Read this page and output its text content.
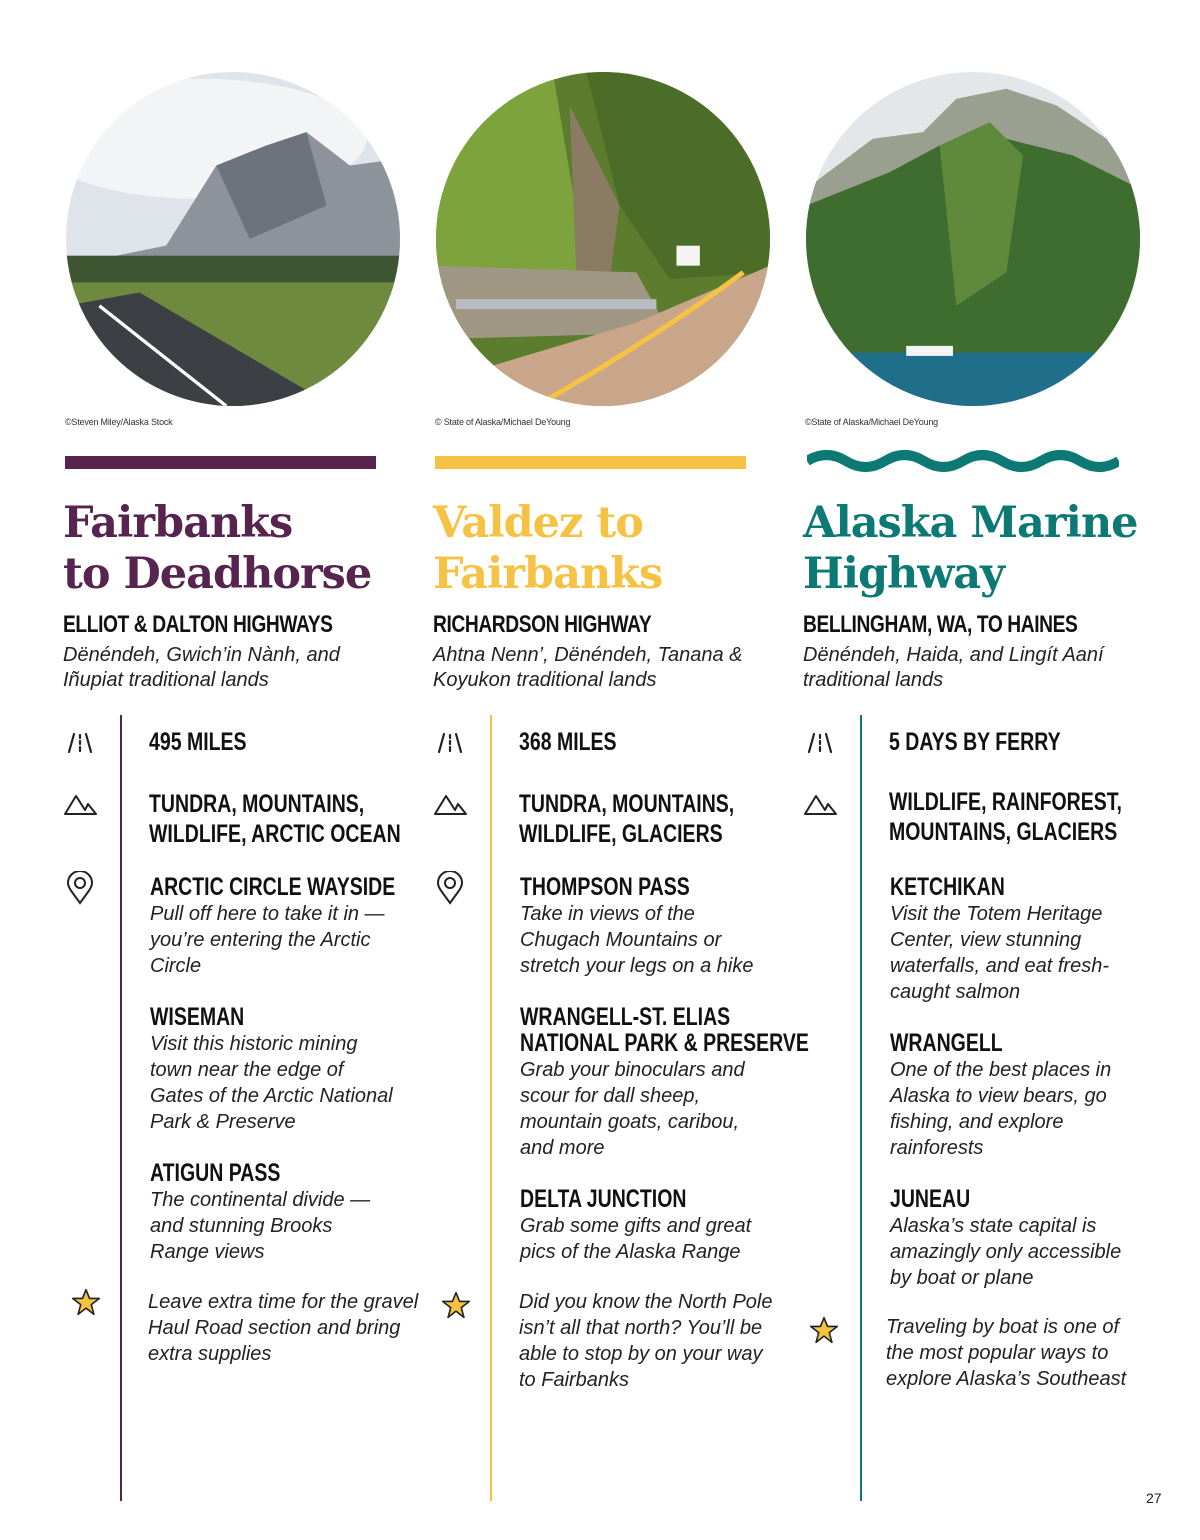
©Steven Miley/Alaska Stock
Fairbanks
to Deadhorse
ELLIOT & DALTON HIGHWAYS

Dënéndeh, Gwich’in Nành, and Iñupiat traditional lands

495 MILES
TUNDRA, MOUNTAINS,
WILDLIFE, ARCTIC OCEAN
ARCTIC CIRCLE WAYSIDE

Pull off here to take it in —you’re entering the Arctic Circle

WISEMAN

Visit this historic mining town near the edge of Gates of the Arctic National Park & Preserve

ATIGUN PASS

The continental divide —and stunning Brooks Range views

Leave extra time for the gravel Haul Road section and bring extra supplies

© State of Alaska/Michael DeYoung
Valdez to
Fairbanks
RICHARDSON HIGHWAY

Ahtna Nenn’, Dënéndeh, Tanana & Koyukon traditional lands

368 MILES
TUNDRA, MOUNTAINS,
WILDLIFE, GLACIERS
THOMPSON PASS

Take in views of the Chugach Mountains or stretch your legs on a hike

WRANGELL-ST. ELIAS
NATIONAL PARK & PRESERVE

Grab your binoculars and scour for dall sheep, mountain goats, caribou, and more

DELTA JUNCTION

Grab some gifts and great pics of the Alaska Range

Did you know the North Pole isn’t all that north? You’ll be able to stop by on your way to Fairbanks

©State of Alaska/Michael DeYoung
Alaska Marine
Highway
BELLINGHAM, WA, TO HAINES

Dënéndeh, Haida, and Lingít Aaní traditional lands

5 DAYS BY FERRY
WILDLIFE, RAINFOREST,
MOUNTAINS, GLACIERS
KETCHIKAN

Visit the Totem Heritage Center, view stunning waterfalls, and eat fresh-caught salmon

WRANGELL

One of the best places in Alaska to view bears, go fishing, and explore rainforests

JUNEAU

Alaska’s state capital is amazingly only accessible by boat or plane

Traveling by boat is one of the most popular ways to explore Alaska’s Southeast

27
